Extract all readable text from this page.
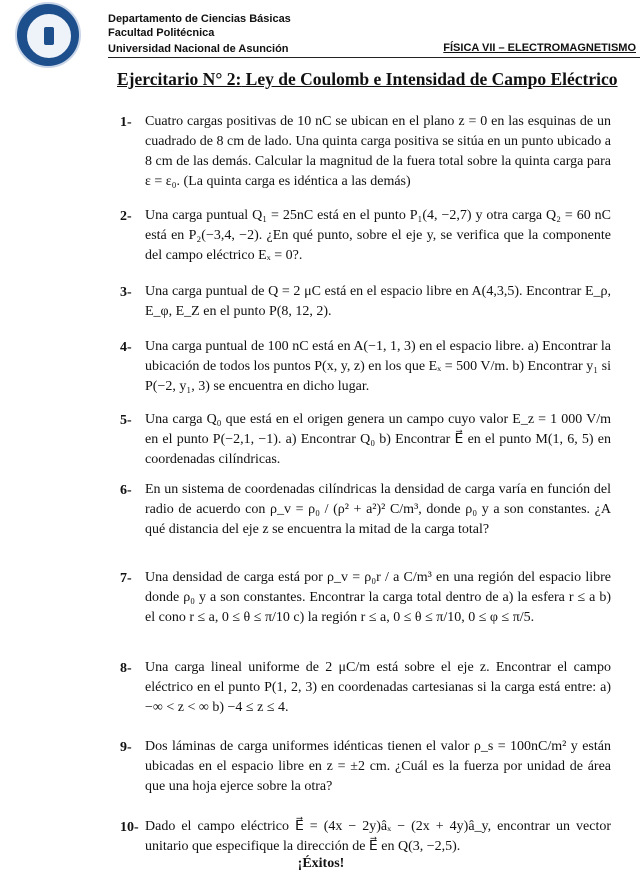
Departamento de Ciencias Básicas
Facultad Politécnica
Universidad Nacional de Asunción	FÍSICA VII – ELECTROMAGNETISMO
Ejercitario N° 2: Ley de Coulomb e Intensidad de Campo Eléctrico
1- Cuatro cargas positivas de 10 nC se ubican en el plano z = 0 en las esquinas de un cuadrado de 8 cm de lado. Una quinta carga positiva se sitúa en un punto ubicado a 8 cm de las demás. Calcular la magnitud de la fuera total sobre la quinta carga para ε = ε₀. (La quinta carga es idéntica a las demás)
2- Una carga puntual Q₁ = 25nC está en el punto P₁(4, −2,7) y otra carga Q₂ = 60 nC está en P₂(−3,4, −2). ¿En qué punto, sobre el eje y, se verifica que la componente del campo eléctrico Eₓ = 0?.
3- Una carga puntual de Q = 2 μC está en el espacio libre en A(4,3,5). Encontrar E_ρ, E_φ, E_Z en el punto P(8, 12, 2).
4- Una carga puntual de 100 nC está en A(−1, 1, 3) en el espacio libre. a) Encontrar la ubicación de todos los puntos P(x, y, z) en los que Eₓ = 500 V/m. b) Encontrar y₁ si P(−2, y₁, 3) se encuentra en dicho lugar.
5- Una carga Q₀ que está en el origen genera un campo cuyo valor E_z = 1 000 V/m en el punto P(−2,1, −1). a) Encontrar Q₀ b) Encontrar E⃗ en el punto M(1, 6, 5) en coordenadas cilíndricas.
6- En un sistema de coordenadas cilíndricas la densidad de carga varía en función del radio de acuerdo con ρ_v = ρ₀ / (ρ² + a²)² C/m³, donde ρ₀ y a son constantes. ¿A qué distancia del eje z se encuentra la mitad de la carga total?
7- Una densidad de carga está por ρ_v = ρ₀r / a C/m³ en una región del espacio libre donde ρ₀ y a son constantes. Encontrar la carga total dentro de a) la esfera r ≤ a b) el cono r ≤ a, 0 ≤ θ ≤ π/10 c) la región r ≤ a, 0 ≤ θ ≤ π/10, 0 ≤ φ ≤ π/5.
8- Una carga lineal uniforme de 2 μC/m está sobre el eje z. Encontrar el campo eléctrico en el punto P(1, 2, 3) en coordenadas cartesianas si la carga está entre: a) −∞ < z < ∞ b) −4 ≤ z ≤ 4.
9- Dos láminas de carga uniformes idénticas tienen el valor ρ_s = 100nC/m² y están ubicadas en el espacio libre en z = ±2 cm. ¿Cuál es la fuerza por unidad de área que una hoja ejerce sobre la otra?
10- Dado el campo eléctrico E⃗ = (4x − 2y)âₓ − (2x + 4y)â_y, encontrar un vector unitario que especifique la dirección de E⃗ en Q(3, −2,5).
¡Éxitos!
